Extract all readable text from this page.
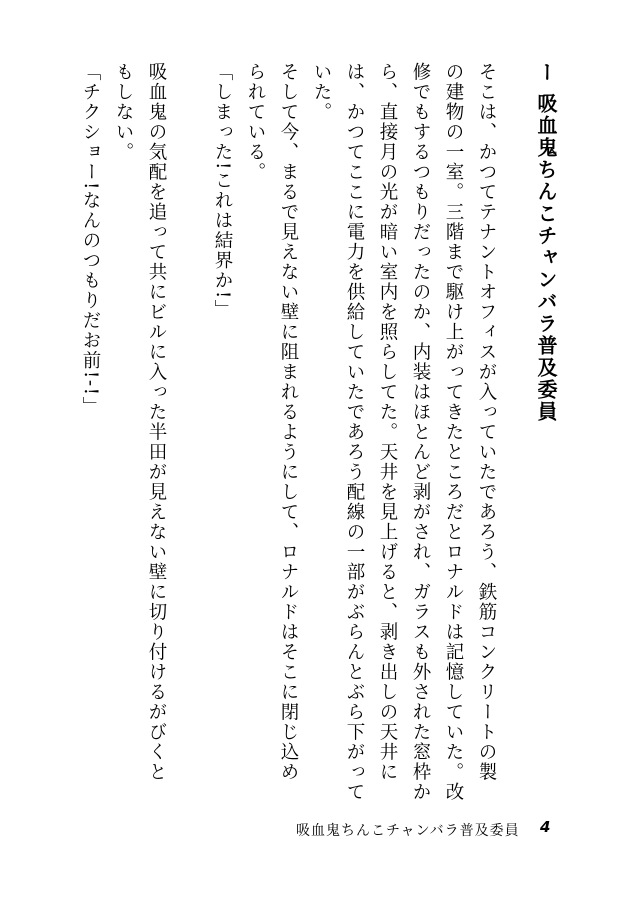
ー 吸血鬼ちんこチャンバラ普及委員
そこは、かつてテナントオフィスが入っていたであろう、鉄筋コンクリートの製
の建物の一室。三階まで駆け上がってきたところだとロナルドは記憶していた。改
修でもするつもりだったのか、内装はほとんど剥がされ、ガラスも外された窓枠か
ら、直接月の光が暗い室内を照らしてた。天井を見上げると、剥き出しの天井に
は、かつてここに電力を供給していたであろう配線の一部がぶらんとぶら下がって
いた。
そして今、まるで見えない壁に阻まれるようにして、ロナルドはそこに閉じ込め
られている。
「しまった!これは結界か!」
吸血鬼の気配を追って共にビルに入った半田が見えない壁に切り付けるがびくと
もしない。
「チクショー!なんのつもりだお前!-!」
吸血鬼ちんこチャンバラ普及委員 4
